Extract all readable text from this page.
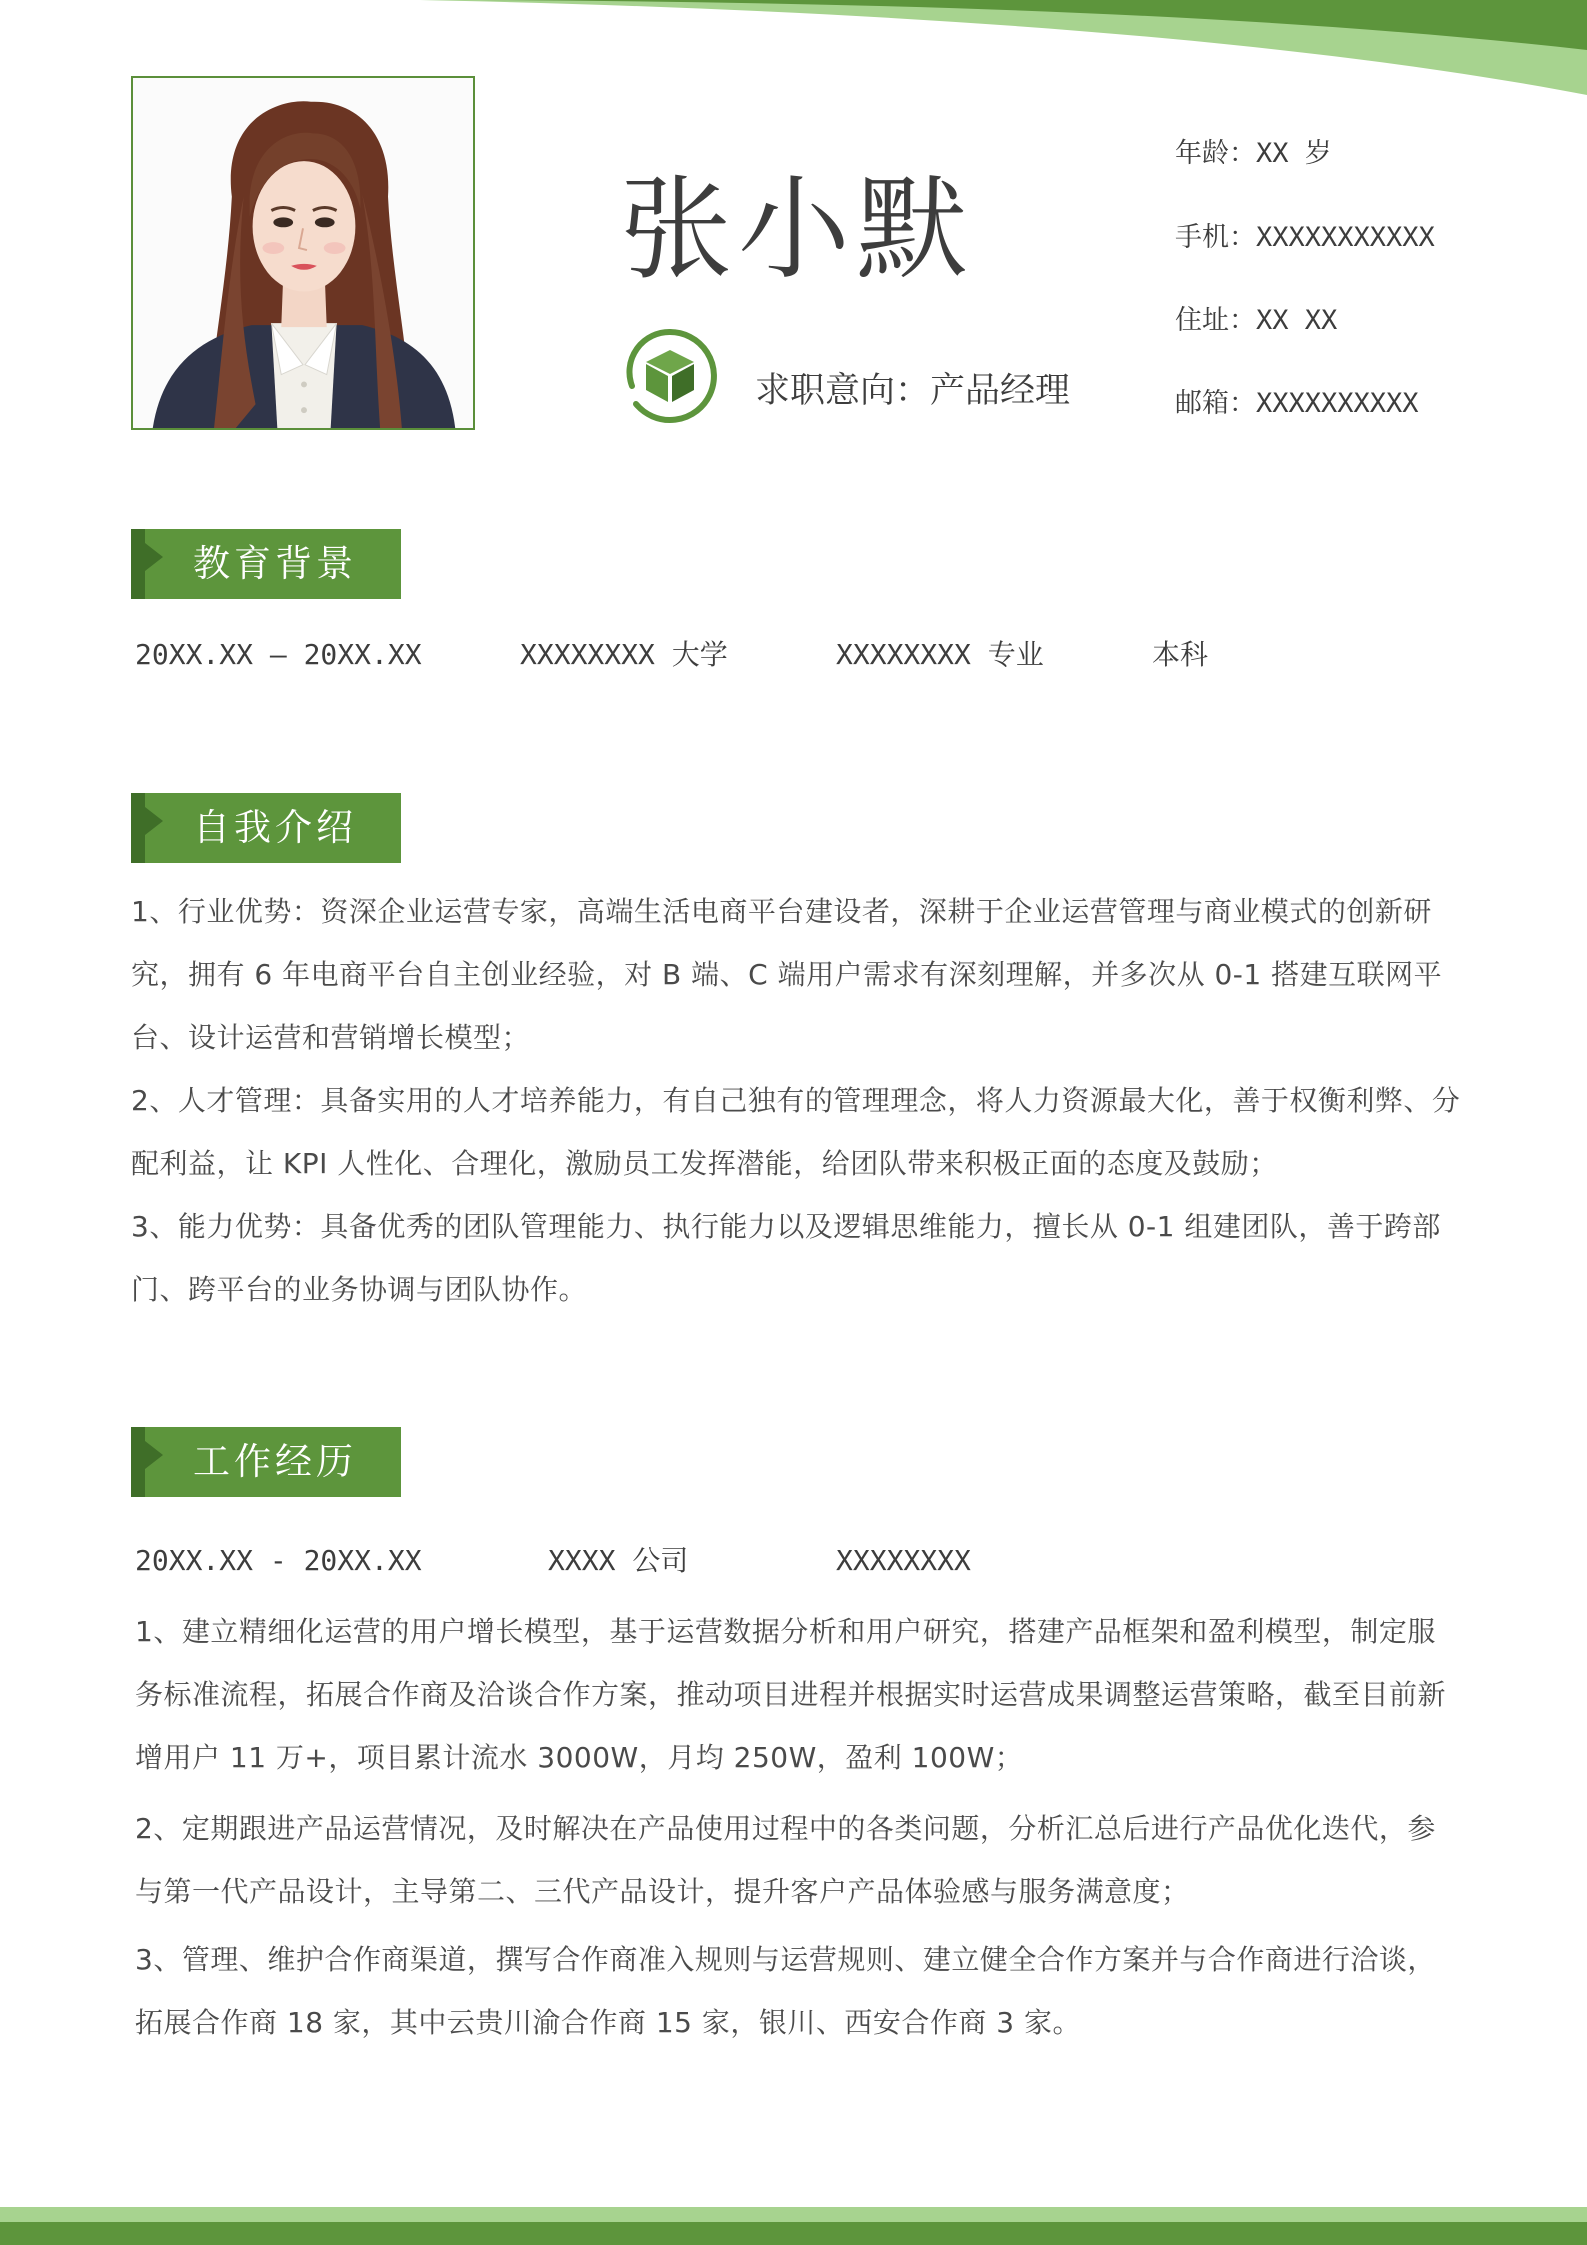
张小默
求职意向：产品经理
年龄：XX 岁
手机：XXXXXXXXXXX
住址：XX XX
邮箱：XXXXXXXXXX
教育背景
20XX.XX – 20XX.XX	XXXXXXXX 大学	XXXXXXXX 专业	本科
自我介绍
1、行业优势：资深企业运营专家，高端生活电商平台建设者，深耕于企业运营管理与商业模式的创新研究，拥有 6 年电商平台自主创业经验，对 B 端、C 端用户需求有深刻理解，并多次从 0-1 搭建互联网平台、设计运营和营销增长模型；
2、人才管理：具备实用的人才培养能力，有自己独有的管理理念，将人力资源最大化，善于权衡利弊、分配利益，让 KPI 人性化、合理化，激励员工发挥潜能，给团队带来积极正面的态度及鼓励；
3、能力优势：具备优秀的团队管理能力、执行能力以及逻辑思维能力，擅长从 0-1 组建团队，善于跨部门、跨平台的业务协调与团队协作。
工作经历
20XX.XX - 20XX.XX	XXXX 公司	XXXXXXXX
1、建立精细化运营的用户增长模型，基于运营数据分析和用户研究，搭建产品框架和盈利模型，制定服务标准流程，拓展合作商及洽谈合作方案，推动项目进程并根据实时运营成果调整运营策略，截至目前新增用户 11 万+，项目累计流水 3000W，月均 250W，盈利 100W；
2、定期跟进产品运营情况，及时解决在产品使用过程中的各类问题，分析汇总后进行产品优化迭代，参与第一代产品设计，主导第二、三代产品设计，提升客户产品体验感与服务满意度；
3、管理、维护合作商渠道，撰写合作商准入规则与运营规则、建立健全合作方案并与合作商进行洽谈，拓展合作商 18 家，其中云贵川渝合作商 15 家，银川、西安合作商 3 家。
